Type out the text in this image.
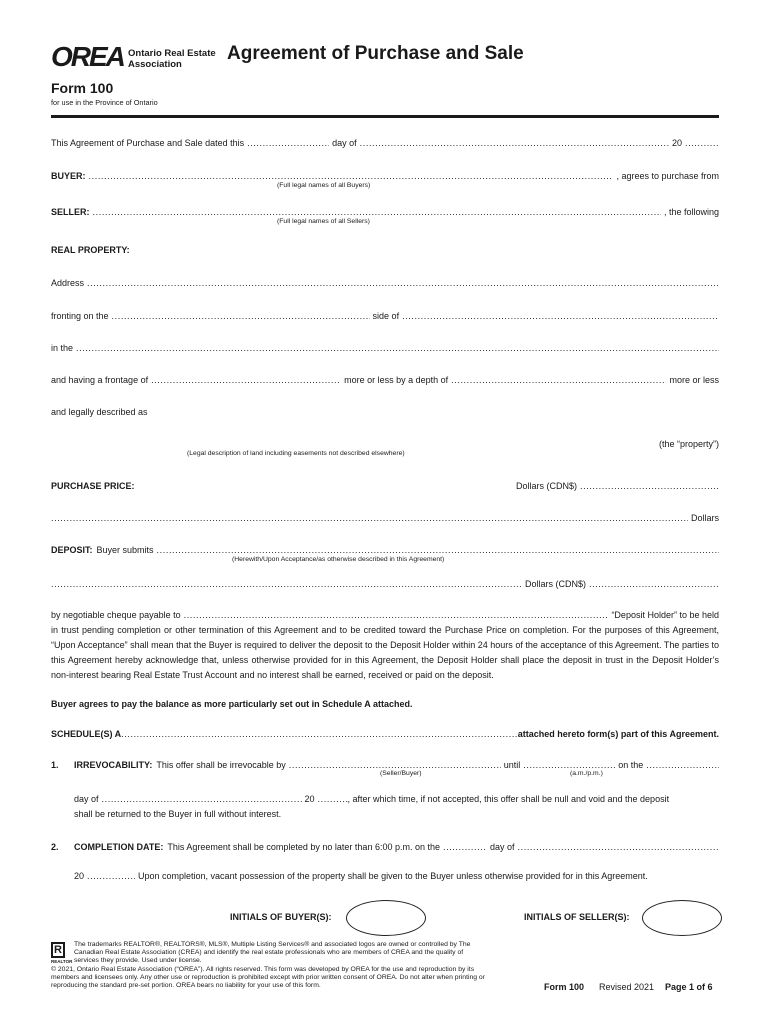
OREA Ontario Real Estate
Association
Agreement of Purchase and Sale
Form 100
for use in the Province of Ontario
This Agreement of Purchase and Sale dated this .....	day of .....	20
.....
BUYER: .....	, agrees to purchase from
(Full legal names of all Buyers)
SELLER: .....	, the following
(Full legal names of all Sellers)
REAL PROPERTY:
Address
.....
fronting on the .....	side of
.....
in the
.....
and having a frontage of .....	more or less by a depth of .....	more or less
and legally described as
(the “property”)
(Legal description of land including easements not described elsewhere)
PURCHASE PRICE:	Dollars (CDN$)
.....
.....
Dollars
DEPOSIT: Buyer submits
.....
(Herewith/Upon Acceptance/as otherwise described in this Agreement)
.....
Dollars (CDN$)
.....
by negotiable cheque payable to .....	“Deposit Holder” to be held
in trust pending completion or other termination of this Agreement and to be credited toward the Purchase Price on completion. For the purposes of this Agreement, “Upon Acceptance” shall mean that the Buyer is required to deliver the deposit to the Deposit Holder within 24 hours of the acceptance of this Agreement. The parties to this Agreement hereby acknowledge that, unless otherwise provided for in this Agreement, the Deposit Holder shall place the deposit in trust in the Deposit Holder’s non-interest bearing Real Estate Trust Account and no interest shall be earned, received or paid on the deposit.
Buyer agrees to pay the balance as more particularly set out in Schedule A attached.
SCHEDULE(S) A .....	attached hereto form(s) part of this Agreement.
1. IRREVOCABILITY: This offer shall be irrevocable by .....	until .....	on the
.....
(Seller/Buyer)	(a.m./p.m.)
day of .....	20 .....	, after which time, if not accepted, this offer shall be null and void and the deposit
shall be returned to the Buyer in full without interest.
2. COMPLETION DATE: This Agreement shall be completed by no later than 6:00 p.m. on the .....	day of
.....
20 .....	Upon completion, vacant possession of the property shall be given to the Buyer unless otherwise provided for in this Agreement.
INITIALS OF BUYER(S):	INITIALS OF SELLER(S):
R
REALTOR
The trademarks REALTOR®, REALTORS®, MLS®, Multiple Listing Services® and associated logos are owned or controlled by The Canadian Real Estate Association (CREA) and identify the real estate professionals who are members of CREA and the quality of services they provide. Used under license.
© 2021, Ontario Real Estate Association (“OREA”). All rights reserved. This form was developed by OREA for the use and reproduction by its members and licensees only. Any other use or reproduction is prohibited except with prior written consent of OREA. Do not alter when printing or reproducing the standard pre-set portion. OREA bears no liability for your use of this form.	Form 100 Revised 2021 Page 1 of 6
